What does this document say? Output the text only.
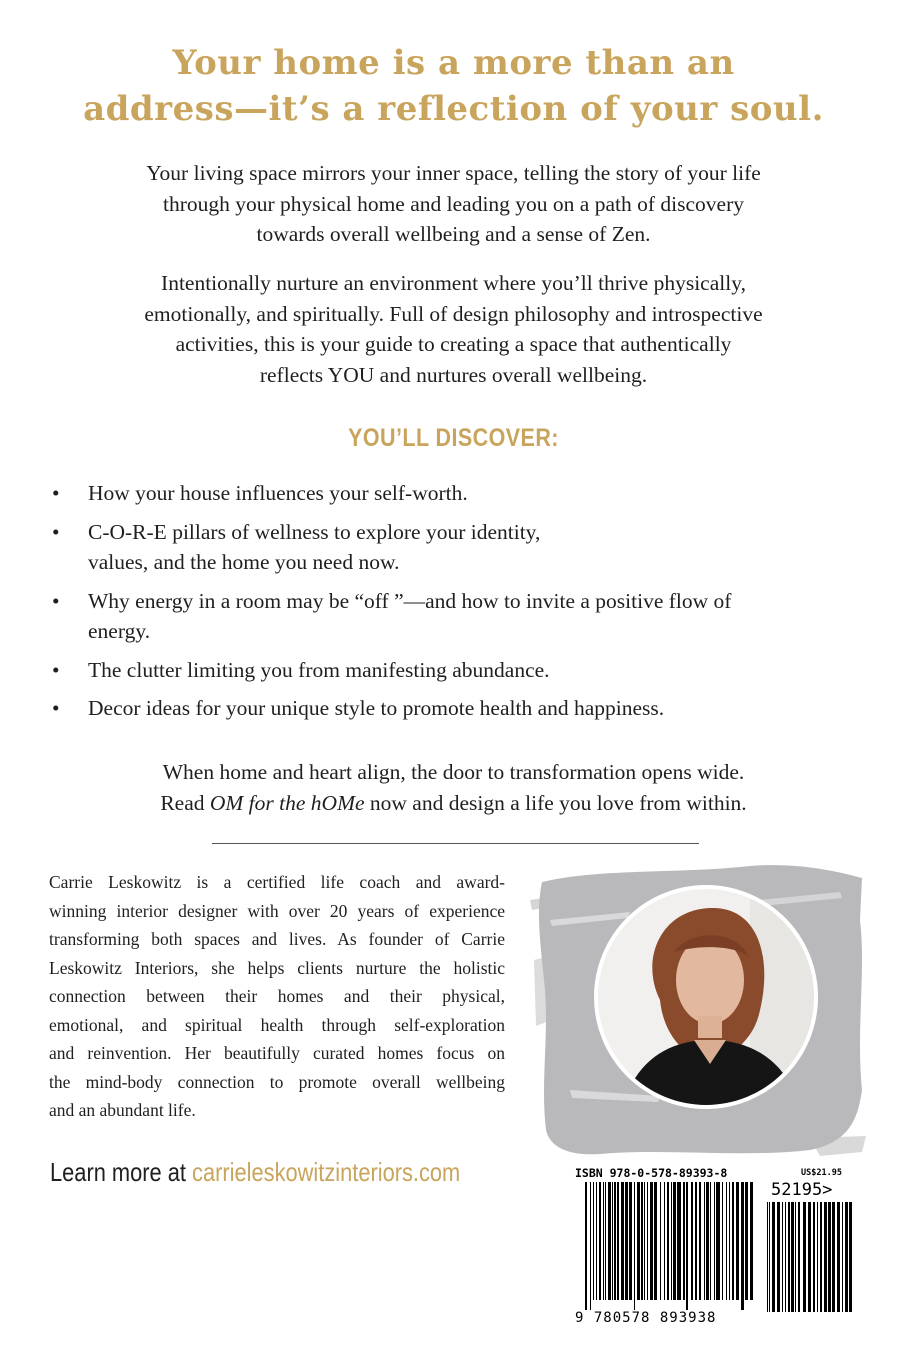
Your home is a more than an
address—it’s a reflection of your soul.

Your living space mirrors your inner space, telling the story of your life
through your physical home and leading you on a path of discovery
towards overall wellbeing and a sense of Zen.

Intentionally nurture an environment where you’ll thrive physically,
emotionally, and spiritually. Full of design philosophy and introspective
activities, this is your guide to creating a space that authentically
reflects YOU and nurtures overall wellbeing.

YOU’LL DISCOVER:
• How your house influences your self-worth.
• C-O-R-E pillars of wellness to explore your identity,
values, and the home you need now.
• Why energy in a room may be “off ”—and how to invite a positive flow of
energy.
• The clutter limiting you from manifesting abundance.
• Decor ideas for your unique style to promote health and happiness.

When home and heart align, the door to transformation opens wide.
Read OM for the hOMe now and design a life you love from within.

Carrie Leskowitz is a certified life coach and award-
winning interior designer with over 20 years of experience
transforming both spaces and lives. As founder of Carrie
Leskowitz Interiors, she helps clients nurture the holistic
connection between their homes and their physical,
emotional, and spiritual health through self-exploration
and reinvention. Her beautifully curated homes focus on
the mind-body connection to promote overall wellbeing
and an abundant life.

Learn more at carrieleskowitzinteriors.com	ISBN 978-0-578-89393-8	US$21.95
52195>
9 780578 893938
